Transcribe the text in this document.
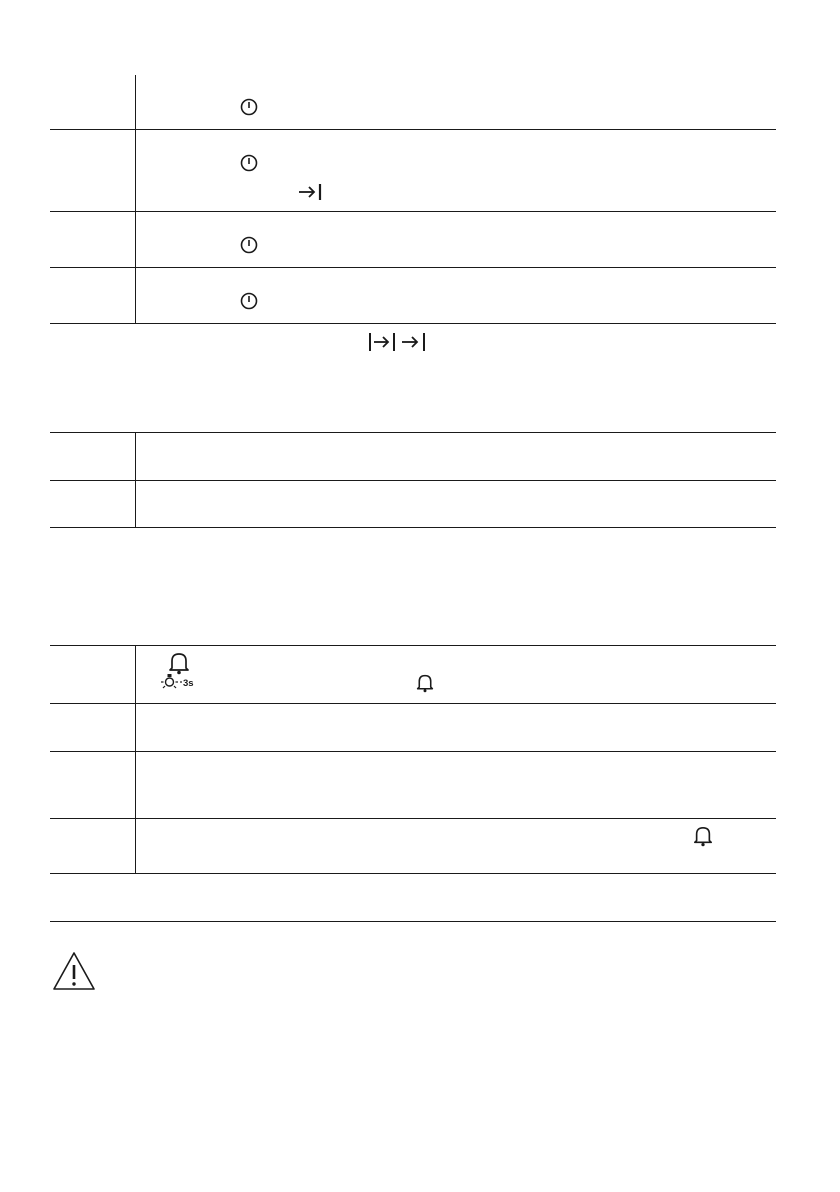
3s
